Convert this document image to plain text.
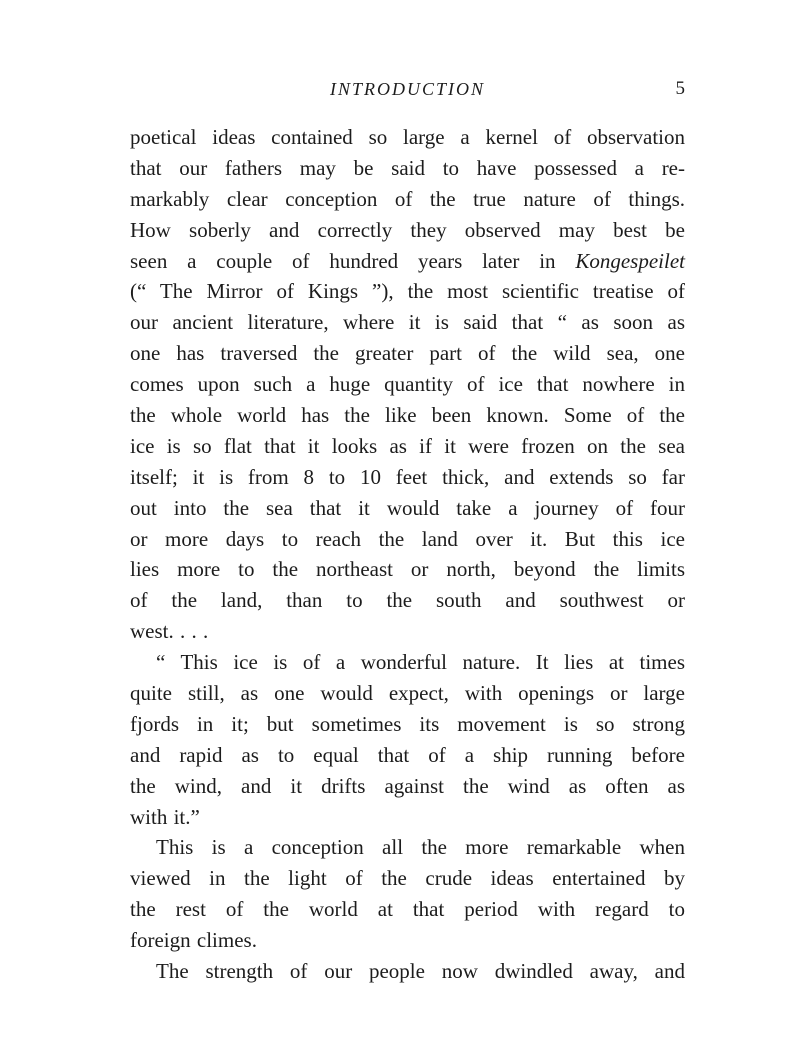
INTRODUCTION	5
poetical ideas contained so large a kernel of observation
that our fathers may be said to have possessed a re-
markably clear conception of the true nature of things.
How soberly and correctly they observed may best be
seen a couple of hundred years later in Kongespeilet
(“ The Mirror of Kings ”), the most scientific treatise of
our ancient literature, where it is said that “ as soon as
one has traversed the greater part of the wild sea, one
comes upon such a huge quantity of ice that nowhere in
the whole world has the like been known. Some of the
ice is so flat that it looks as if it were frozen on the sea
itself; it is from 8 to 10 feet thick, and extends so far
out into the sea that it would take a journey of four
or more days to reach the land over it. But this ice
lies more to the northeast or north, beyond the limits
of the land, than to the south and southwest or
west. . . .
“ This ice is of a wonderful nature. It lies at times
quite still, as one would expect, with openings or large
fjords in it; but sometimes its movement is so strong
and rapid as to equal that of a ship running before
the wind, and it drifts against the wind as often as
with it.”
This is a conception all the more remarkable when
viewed in the light of the crude ideas entertained by
the rest of the world at that period with regard to
foreign climes.
The strength of our people now dwindled away, and
